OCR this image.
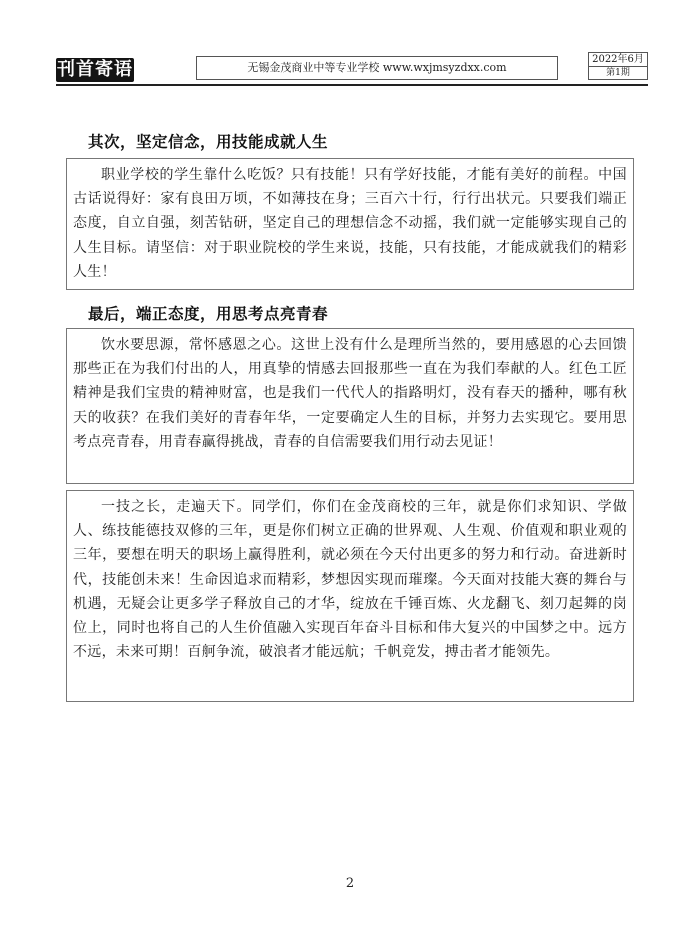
刊首寄语	无锡金茂商业中等专业学校 www.wxjmsyzdxx.com
2022年6月
第1期
其次，坚定信念，用技能成就人生

职业学校的学生靠什么吃饭？只有技能！只有学好技能，才能有美好的前程。中国古话说得好：家有良田万顷，不如薄技在身；三百六十行，行行出状元。只要我们端正态度，自立自强，刻苦钻研，坚定自己的理想信念不动摇，我们就一定能够实现自己的人生目标。请坚信：对于职业院校的学生来说，技能，只有技能，才能成就我们的精彩人生！

最后，端正态度，用思考点亮青春

饮水要思源，常怀感恩之心。这世上没有什么是理所当然的，要用感恩的心去回馈那些正在为我们付出的人，用真挚的情感去回报那些一直在为我们奉献的人。红色工匠精神是我们宝贵的精神财富，也是我们一代代人的指路明灯，没有春天的播种，哪有秋天的收获？在我们美好的青春年华，一定要确定人生的目标，并努力去实现它。要用思考点亮青春，用青春赢得挑战，青春的自信需要我们用行动去见证！

一技之长，走遍天下。同学们，你们在金茂商校的三年，就是你们求知识、学做人、练技能德技双修的三年，更是你们树立正确的世界观、人生观、价值观和职业观的三年，要想在明天的职场上赢得胜利，就必须在今天付出更多的努力和行动。奋进新时代，技能创未来！生命因追求而精彩，梦想因实现而璀璨。今天面对技能大赛的舞台与机遇，无疑会让更多学子释放自己的才华，绽放在千锤百炼、火龙翻飞、刻刀起舞的岗位上，同时也将自己的人生价值融入实现百年奋斗目标和伟大复兴的中国梦之中。远方不远，未来可期！百舸争流，破浪者才能远航；千帆竞发，搏击者才能领先。

2
